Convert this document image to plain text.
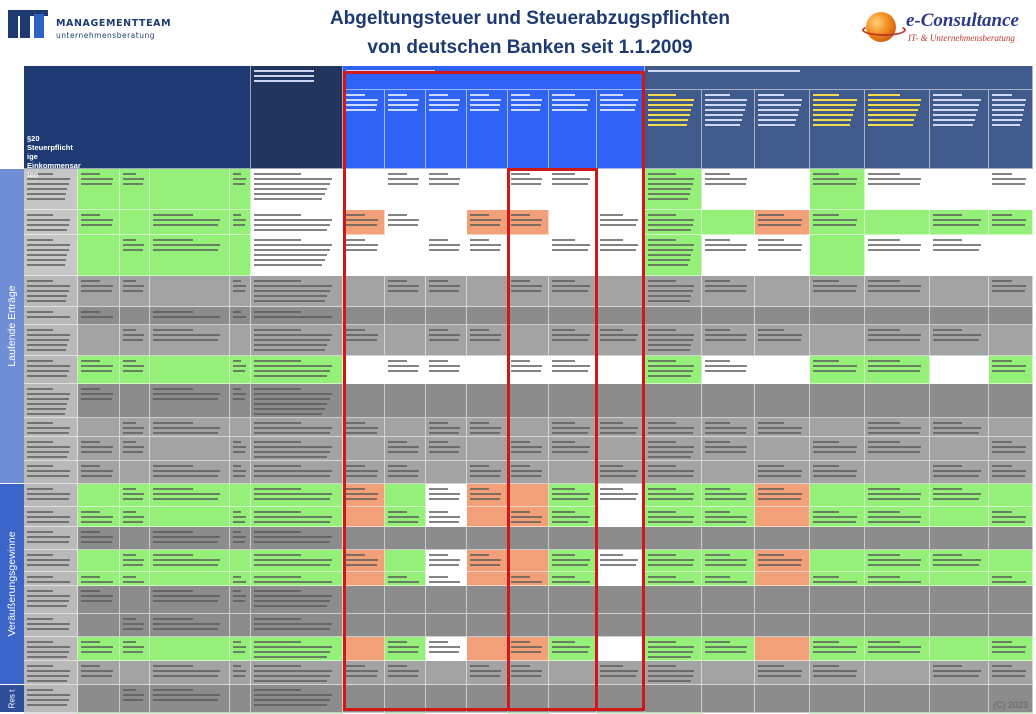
MANAGEMENTTEAM
unternehmensberatung
Abgeltungsteuer und Steuerabzugspflichten
von deutschen Banken seit 1.1.2009
e-Consultance
IT- & Unternehmensberatung
§20
Steuerpflicht
ige
Einkommensar
ten
Laufende Erträge
Veräußerungsgewinne
Res t	(C) 2023
